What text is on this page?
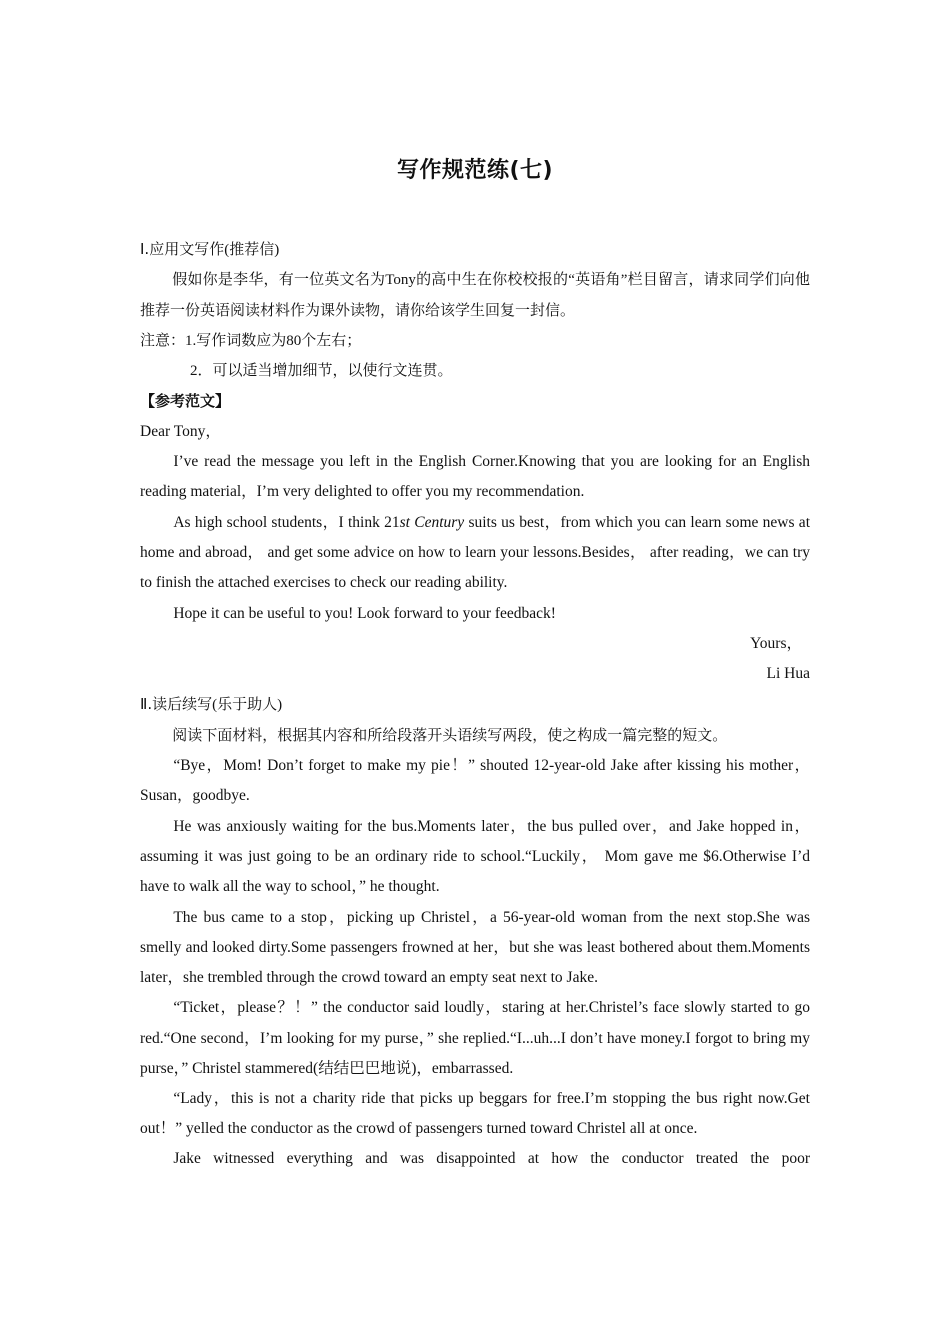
写作规范练(七)

Ⅰ.应用文写作(推荐信)

假如你是李华，有一位英文名为Tony的高中生在你校校报的“英语角”栏目留言，请求同学们向他推荐一份英语阅读材料作为课外读物，请你给该学生回复一封信。

注意：1.写作词数应为80个左右；

2．可以适当增加细节，以使行文连贯。

【参考范文】

Dear Tony，

I’ve read the message you left in the English Corner.Knowing that you are looking for an English reading material，I’m very delighted to offer you my recommendation.

As high school students，I think 21st Century suits us best，from which you can learn some news at home and abroad， and get some advice on how to learn your lessons.Besides， after reading，we can try to finish the attached exercises to check our reading ability.

Hope it can be useful to you! Look forward to your feedback!

Yours，

Li Hua

Ⅱ.读后续写(乐于助人)

阅读下面材料，根据其内容和所给段落开头语续写两段，使之构成一篇完整的短文。

“Bye，Mom! Don’t forget to make my pie！” shouted 12-year-old Jake after kissing his mother，Susan，goodbye.

He was anxiously waiting for the bus.Moments later，the bus pulled over，and Jake hopped in， assuming it was just going to be an ordinary ride to school.“Luckily， Mom gave me $6.Otherwise I’d have to walk all the way to school，” he thought.

The bus came to a stop，picking up Christel，a 56-year-old woman from the next stop.She was smelly and looked dirty.Some passengers frowned at her，but she was least bothered about them.Moments later，she trembled through the crowd toward an empty seat next to Jake.

“Ticket，please？！” the conductor said loudly，staring at her.Christel’s face slowly started to go red.“One second，I’m looking for my purse，” she replied.“I...uh...I don’t have money.I forgot to bring my purse，” Christel stammered(结结巴巴地说)，embarrassed.

“Lady，this is not a charity ride that picks up beggars for free.I’m stopping the bus right now.Get out！” yelled the conductor as the crowd of passengers turned toward Christel all at once.

Jake witnessed everything and was disappointed at how the conductor treated the poor
